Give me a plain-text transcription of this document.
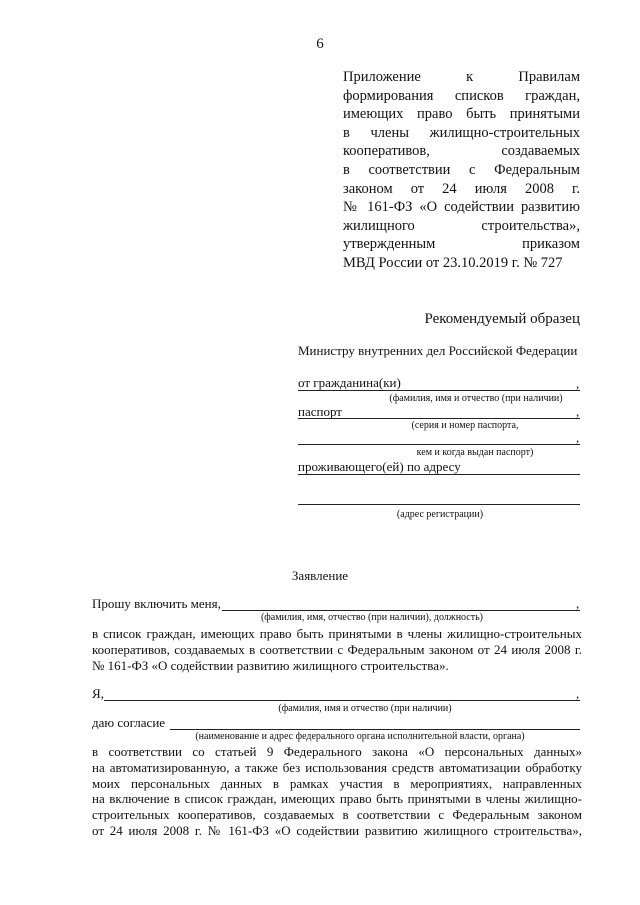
6
Приложение к Правилам
формирования списков граждан,
имеющих право быть принятыми
в члены жилищно-строительных
кооперативов, создаваемых
в соответствии с Федеральным
законом от 24 июля 2008 г.
№ 161-ФЗ «О содействии развитию
жилищного строительства»,
утвержденным приказом
МВД России от 23.10.2019 г. № 727
Рекомендуемый образец
Министру внутренних дел Российской Федерации
от гражданина(ки)	,
(фамилия, имя и отчество (при наличии)
паспорт	,
(серия и номер паспорта,
,
кем и когда выдан паспорт)
проживающего(ей) по адресу
(адрес регистрации)
Заявление
Прошу включить меня,	,
(фамилия, имя, отчество (при наличии), должность)
в список граждан, имеющих право быть принятыми в члены жилищно-строительных
кооперативов, создаваемых в соответствии с Федеральным законом от 24 июля 2008 г.
№ 161-ФЗ «О содействии развитию жилищного строительства».
Я,	,
(фамилия, имя и отчество (при наличии)
даю согласие
(наименование и адрес федерального органа исполнительной власти, органа)
в соответствии со статьей 9 Федерального закона «О персональных данных»
на автоматизированную, а также без использования средств автоматизации обработку
моих персональных данных в рамках участия в мероприятиях, направленных
на включение в список граждан, имеющих право быть принятыми в члены жилищно-
строительных кооперативов, создаваемых в соответствии с Федеральным законом
от 24 июля 2008 г. № 161-ФЗ «О содействии развитию жилищного строительства»,
